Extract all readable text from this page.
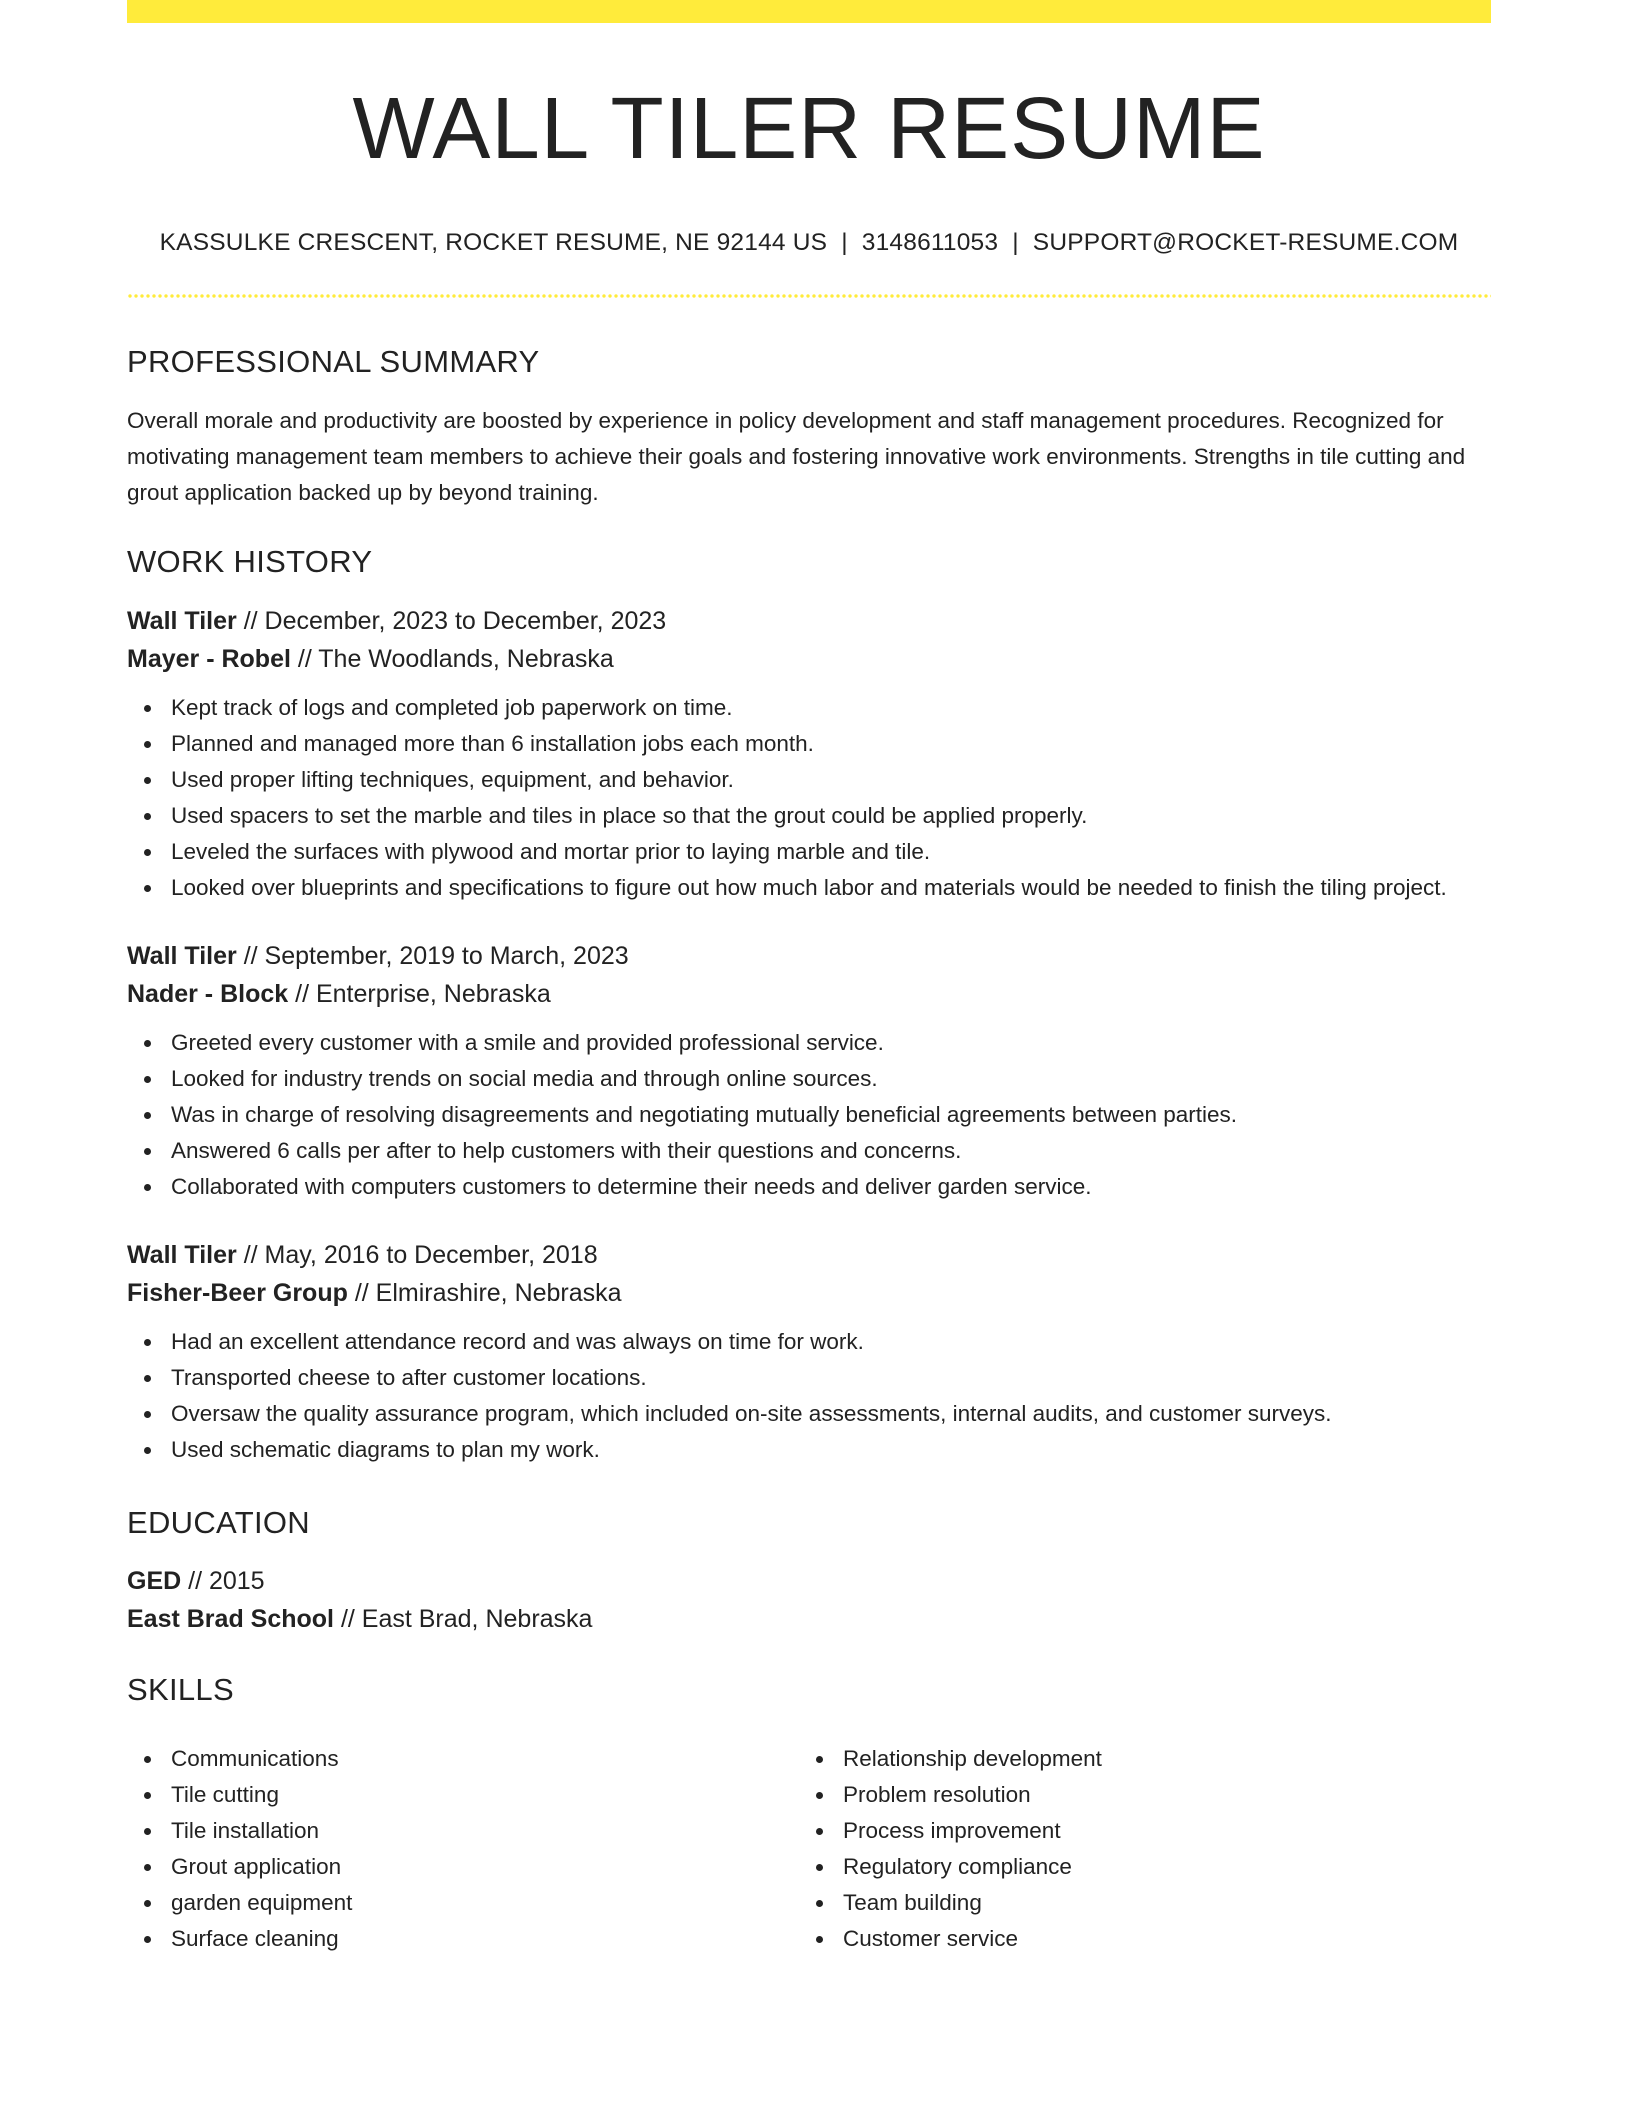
WALL TILER RESUME
KASSULKE CRESCENT, ROCKET RESUME, NE 92144 US | 3148611053 | SUPPORT@ROCKET-RESUME.COM
PROFESSIONAL SUMMARY

Overall morale and productivity are boosted by experience in policy development and staff management procedures. Recognized for motivating management team members to achieve their goals and fostering innovative work environments. Strengths in tile cutting and grout application backed up by beyond training.

WORK HISTORY
Wall Tiler // December, 2023 to December, 2023
Mayer - Robel // The Woodlands, Nebraska
Kept track of logs and completed job paperwork on time.
Planned and managed more than 6 installation jobs each month.
Used proper lifting techniques, equipment, and behavior.
Used spacers to set the marble and tiles in place so that the grout could be applied properly.
Leveled the surfaces with plywood and mortar prior to laying marble and tile.
Looked over blueprints and specifications to figure out how much labor and materials would be needed to finish the tiling project.
Wall Tiler // September, 2019 to March, 2023
Nader - Block // Enterprise, Nebraska
Greeted every customer with a smile and provided professional service.
Looked for industry trends on social media and through online sources.
Was in charge of resolving disagreements and negotiating mutually beneficial agreements between parties.
Answered 6 calls per after to help customers with their questions and concerns.
Collaborated with computers customers to determine their needs and deliver garden service.
Wall Tiler // May, 2016 to December, 2018
Fisher-Beer Group // Elmirashire, Nebraska
Had an excellent attendance record and was always on time for work.
Transported cheese to after customer locations.
Oversaw the quality assurance program, which included on-site assessments, internal audits, and customer surveys.
Used schematic diagrams to plan my work.
EDUCATION
GED // 2015
East Brad School // East Brad, Nebraska
SKILLS
Communications
Tile cutting
Tile installation
Grout application
garden equipment
Surface cleaning
Relationship development
Problem resolution
Process improvement
Regulatory compliance
Team building
Customer service
